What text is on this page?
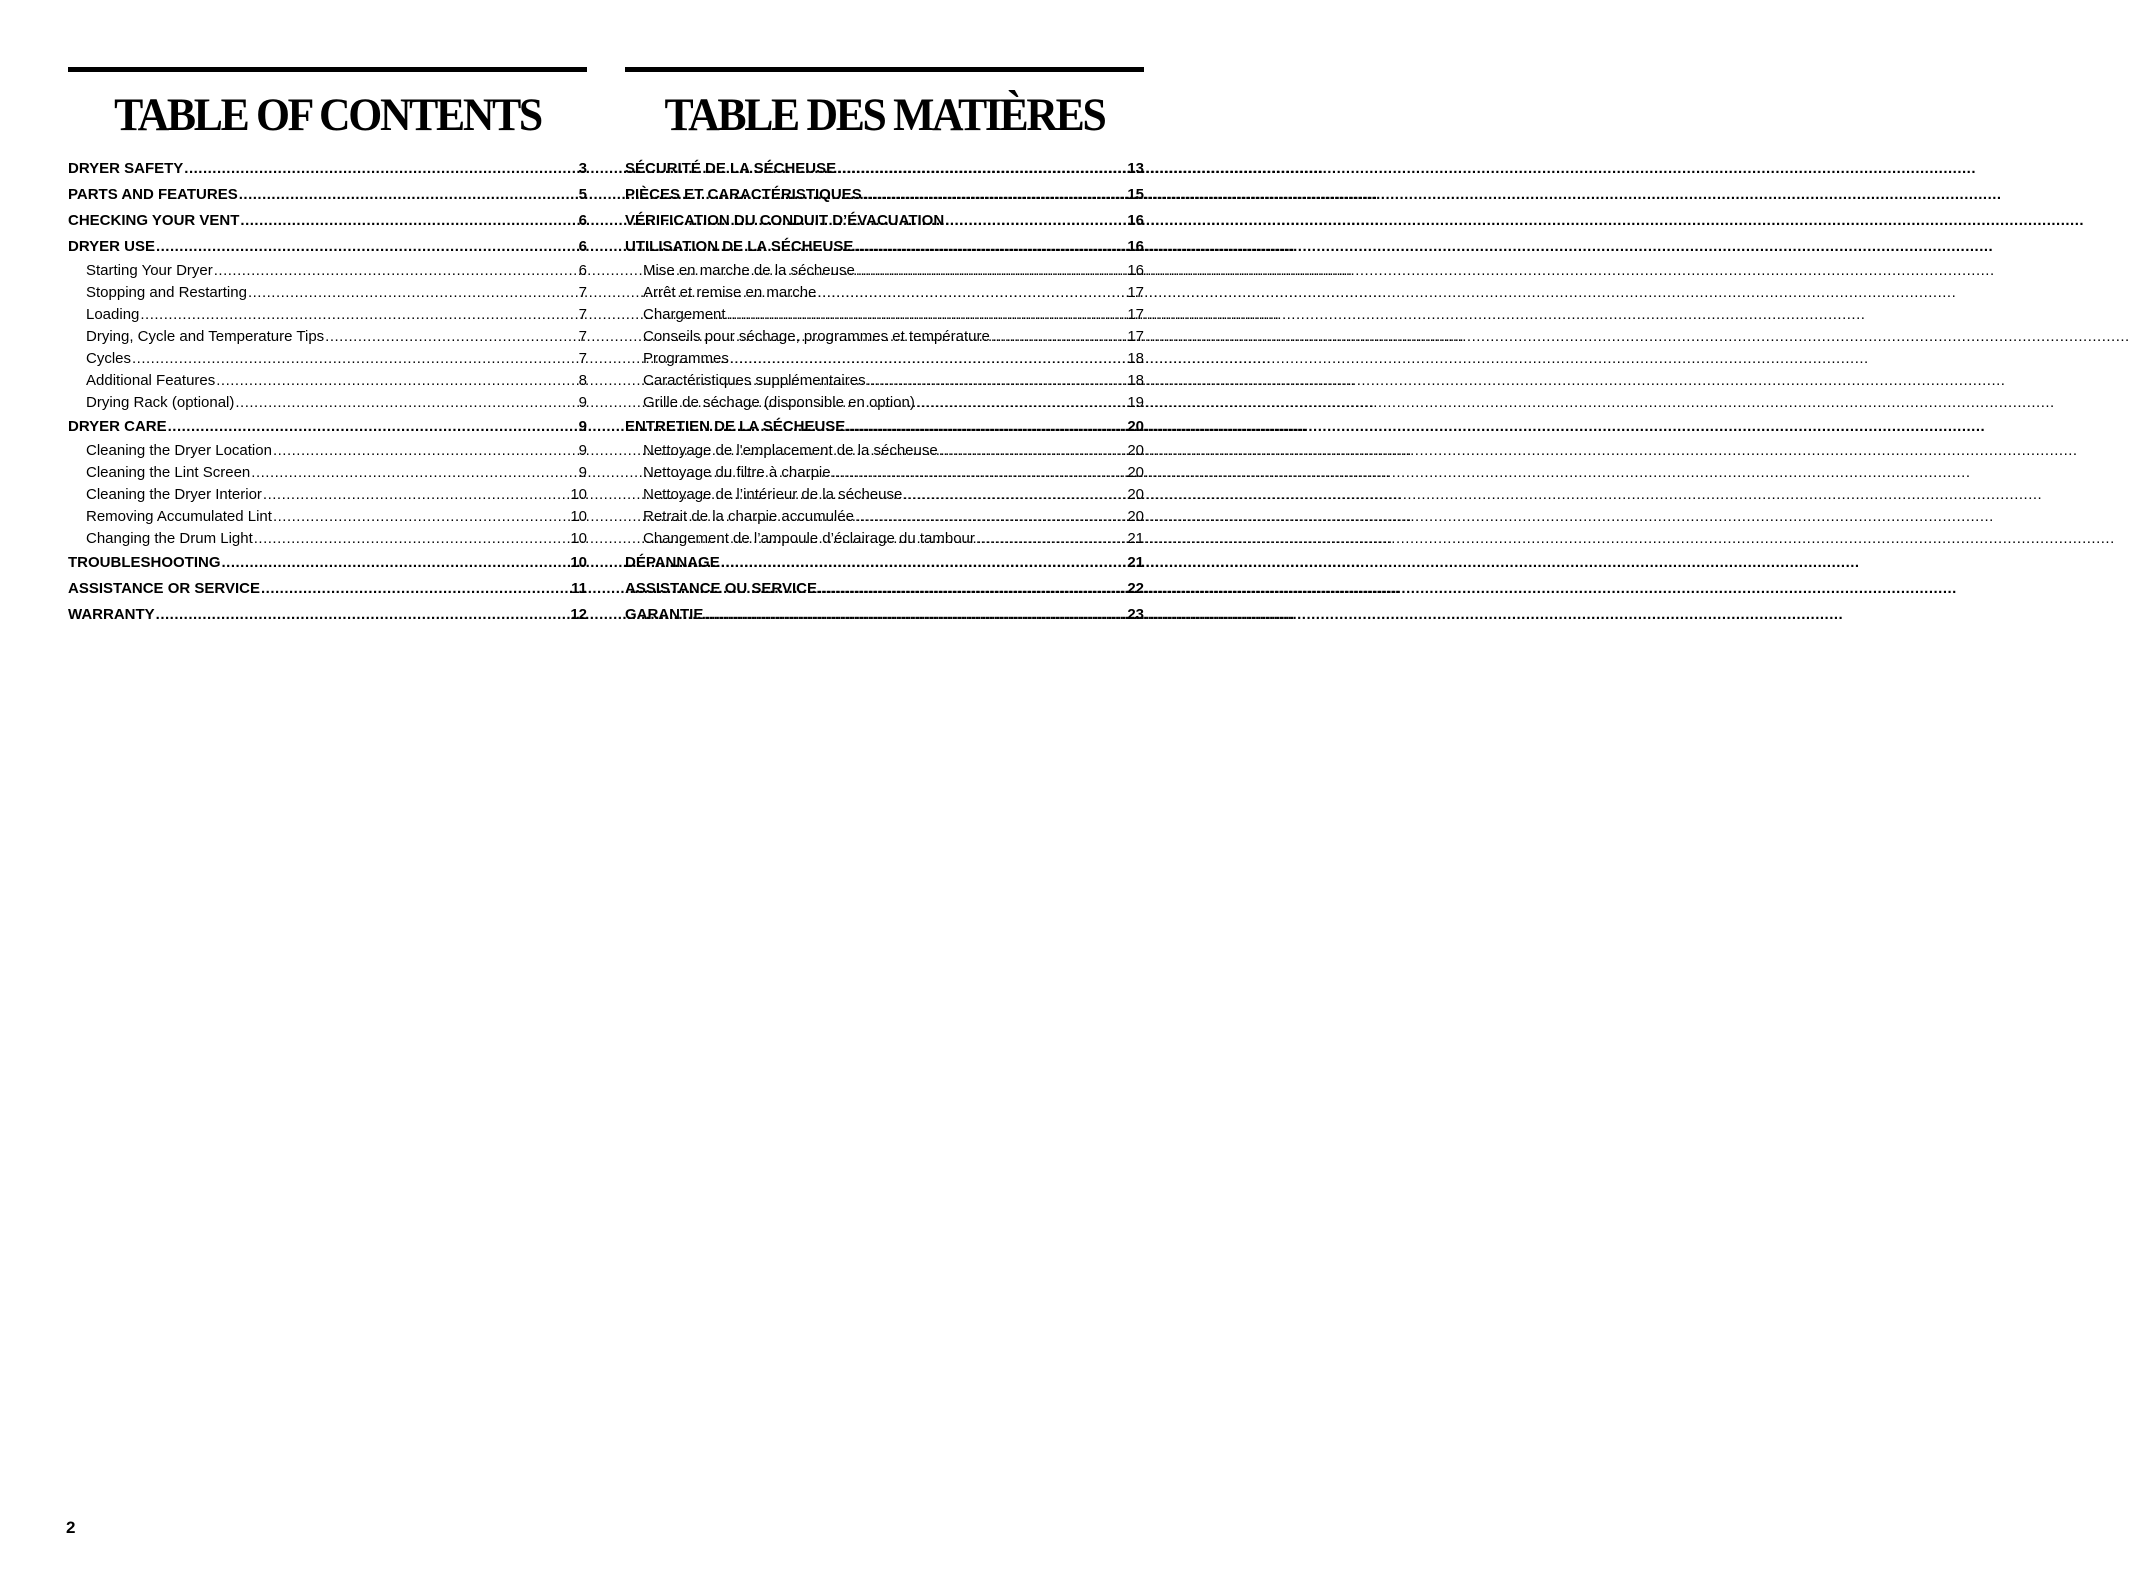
TABLE OF CONTENTS
DRYER SAFETY .....	3
PARTS AND FEATURES .....	5
CHECKING YOUR VENT .....	6
DRYER USE .....	6
Starting Your Dryer .....	6
Stopping and Restarting .....	7
Loading .....	7
Drying, Cycle and Temperature Tips .....	7
Cycles .....	7
Additional Features .....	8
Drying Rack (optional) .....	9
DRYER CARE .....	9
Cleaning the Dryer Location .....	9
Cleaning the Lint Screen .....	9
Cleaning the Dryer Interior .....	10
Removing Accumulated Lint .....	10
Changing the Drum Light .....	10
TROUBLESHOOTING .....	10
ASSISTANCE OR SERVICE .....	11
WARRANTY .....	12
TABLE DES MATIÈRES
SÉCURITÉ DE LA SÉCHEUSE .....	13
PIÈCES ET CARACTÉRISTIQUES .....	15
VÉRIFICATION DU CONDUIT D’ÉVACUATION .....	16
UTILISATION DE LA SÉCHEUSE .....	16
Mise en marche de la sécheuse .....	16
Arrêt et remise en marche .....	17
Chargement .....	17
Conseils pour séchage, programmes et température .....	17
Programmes .....	18
Caractéristiques supplémentaires .....	18
Grille de séchage (disponsible en option) .....	19
ENTRETIEN DE LA SÉCHEUSE .....	20
Nettoyage de l'emplacement de la sécheuse .....	20
Nettoyage du filtre à charpie .....	20
Nettoyage de l’intérieur de la sécheuse .....	20
Retrait de la charpie accumulée .....	20
Changement de l’ampoule d’éclairage du tambour .....	21
DÉPANNAGE .....	21
ASSISTANCE OU SERVICE .....	22
GARANTIE .....	23
2
